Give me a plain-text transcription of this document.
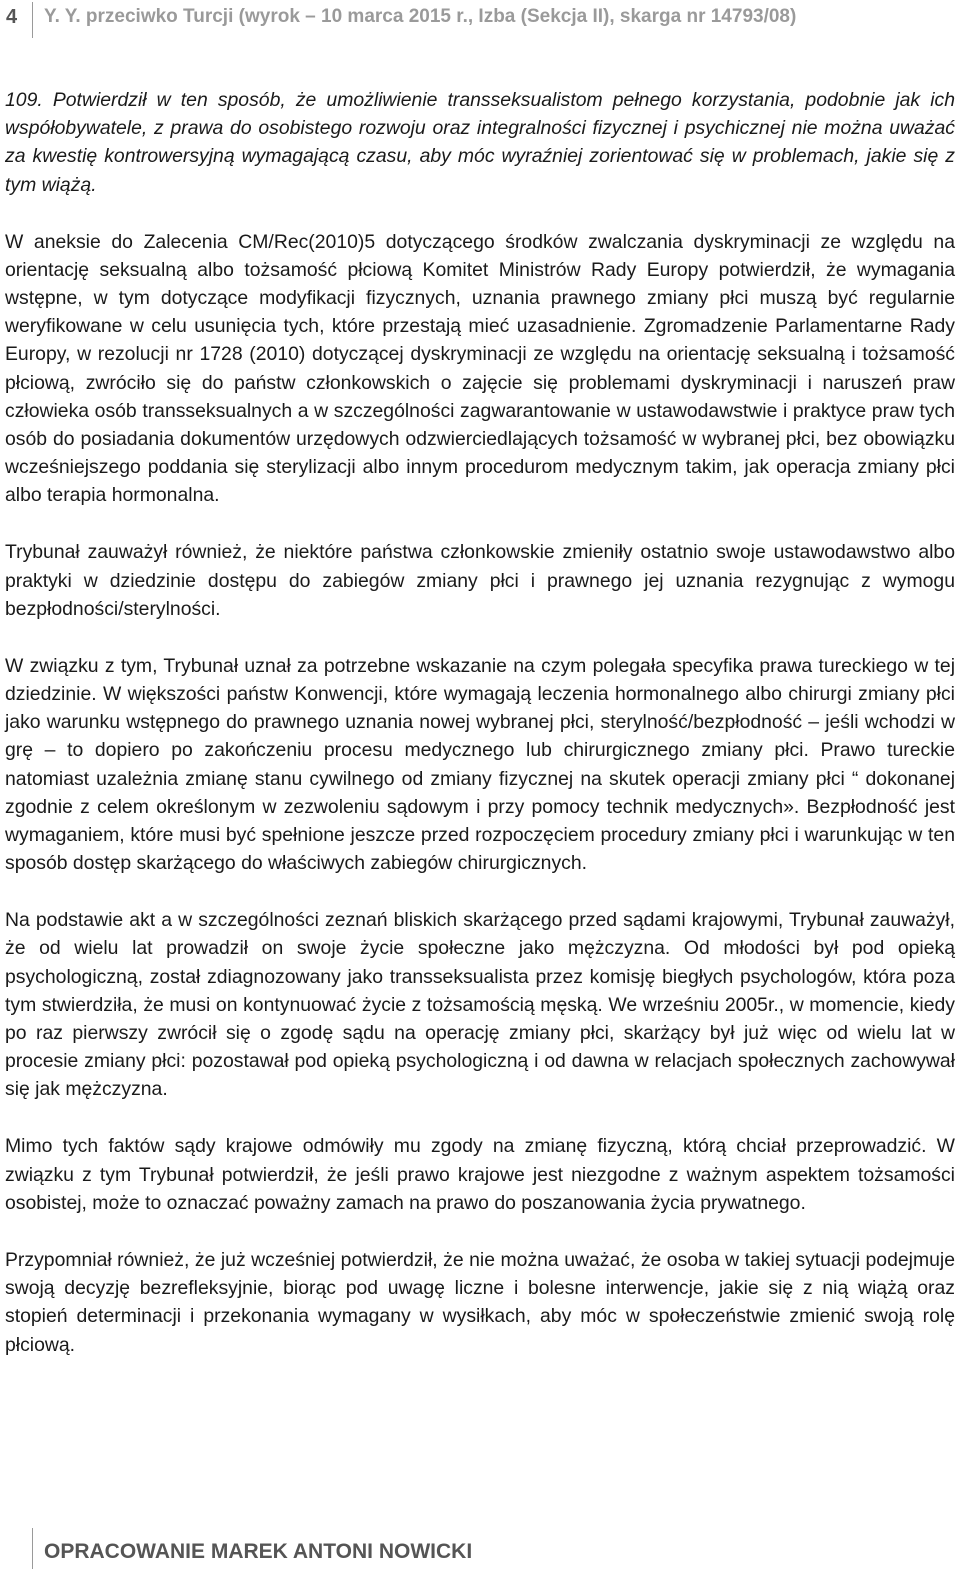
4 Y. Y. przeciwko Turcji (wyrok – 10 marca 2015 r., Izba (Sekcja II), skarga nr 14793/08)

109. Potwierdził w ten sposób, że umożliwienie transseksualistom pełnego korzystania, podobnie jak ich współobywatele, z prawa do osobistego rozwoju oraz integralności fizycznej i psychicznej nie można uważać za kwestię kontrowersyjną wymagającą czasu, aby móc wyraźniej zorientować się w problemach, jakie się z tym wiążą.

W aneksie do Zalecenia CM/Rec(2010)5 dotyczącego środków zwalczania dyskryminacji ze względu na orientację seksualną albo tożsamość płciową Komitet Ministrów Rady Europy potwierdził, że wymagania wstępne, w tym dotyczące modyfikacji fizycznych, uznania prawnego zmiany płci muszą być regularnie weryfikowane w celu usunięcia tych, które przestają mieć uzasadnienie. Zgromadzenie Parlamentarne Rady Europy, w rezolucji nr 1728 (2010) dotyczącej dyskryminacji ze względu na orientację seksualną i tożsamość płciową, zwróciło się do państw członkowskich o zajęcie się problemami dyskryminacji i naruszeń praw człowieka osób transseksualnych a w szczególności zagwarantowanie w ustawodawstwie i praktyce praw tych osób do posiadania dokumentów urzędowych odzwierciedlających tożsamość w wybranej płci, bez obowiązku wcześniejszego poddania się sterylizacji albo innym procedurom medycznym takim, jak operacja zmiany płci albo terapia hormonalna.

Trybunał zauważył również, że niektóre państwa członkowskie zmieniły ostatnio swoje ustawodawstwo albo praktyki w dziedzinie dostępu do zabiegów zmiany płci i prawnego jej uznania rezygnując z wymogu bezpłodności/sterylności.

W związku z tym, Trybunał uznał za potrzebne wskazanie na czym polegała specyfika prawa tureckiego w tej dziedzinie. W większości państw Konwencji, które wymagają leczenia hormonalnego albo chirurgi zmiany płci jako warunku wstępnego do prawnego uznania nowej wybranej płci, sterylność/bezpłodność – jeśli wchodzi w grę – to dopiero po zakończeniu procesu medycznego lub chirurgicznego zmiany płci. Prawo tureckie natomiast uzależnia zmianę stanu cywilnego od zmiany fizycznej na skutek operacji zmiany płci “ dokonanej zgodnie z celem określonym w zezwoleniu sądowym i przy pomocy technik medycznych». Bezpłodność jest wymaganiem, które musi być spełnione jeszcze przed rozpoczęciem procedury zmiany płci i warunkując w ten sposób dostęp skarżącego do właściwych zabiegów chirurgicznych.

Na podstawie akt a w szczególności zeznań bliskich skarżącego przed sądami krajowymi, Trybunał zauważył, że od wielu lat prowadził on swoje życie społeczne jako mężczyzna. Od młodości był pod opieką psychologiczną, został zdiagnozowany jako transseksualista przez komisję biegłych psychologów, która poza tym stwierdziła, że musi on kontynuować życie z tożsamością męską. We wrześniu 2005r., w momencie, kiedy po raz pierwszy zwrócił się o zgodę sądu na operację zmiany płci, skarżący był już więc od wielu lat w procesie zmiany płci: pozostawał pod opieką psychologiczną i od dawna w relacjach społecznych zachowywał się jak mężczyzna.

Mimo tych faktów sądy krajowe odmówiły mu zgody na zmianę fizyczną, którą chciał przeprowadzić. W związku z tym Trybunał potwierdził, że jeśli prawo krajowe jest niezgodne z ważnym aspektem tożsamości osobistej, może to oznaczać poważny zamach na prawo do poszanowania życia prywatnego.

Przypomniał również, że już wcześniej potwierdził, że nie można uważać, że osoba w takiej sytuacji podejmuje swoją decyzję bezrefleksyjnie, biorąc pod uwagę liczne i bolesne interwencje, jakie się z nią wiążą oraz stopień determinacji i przekonania wymagany w wysiłkach, aby móc w społeczeństwie zmienić swoją rolę płciową.

OPRACOWANIE MAREK ANTONI NOWICKI
